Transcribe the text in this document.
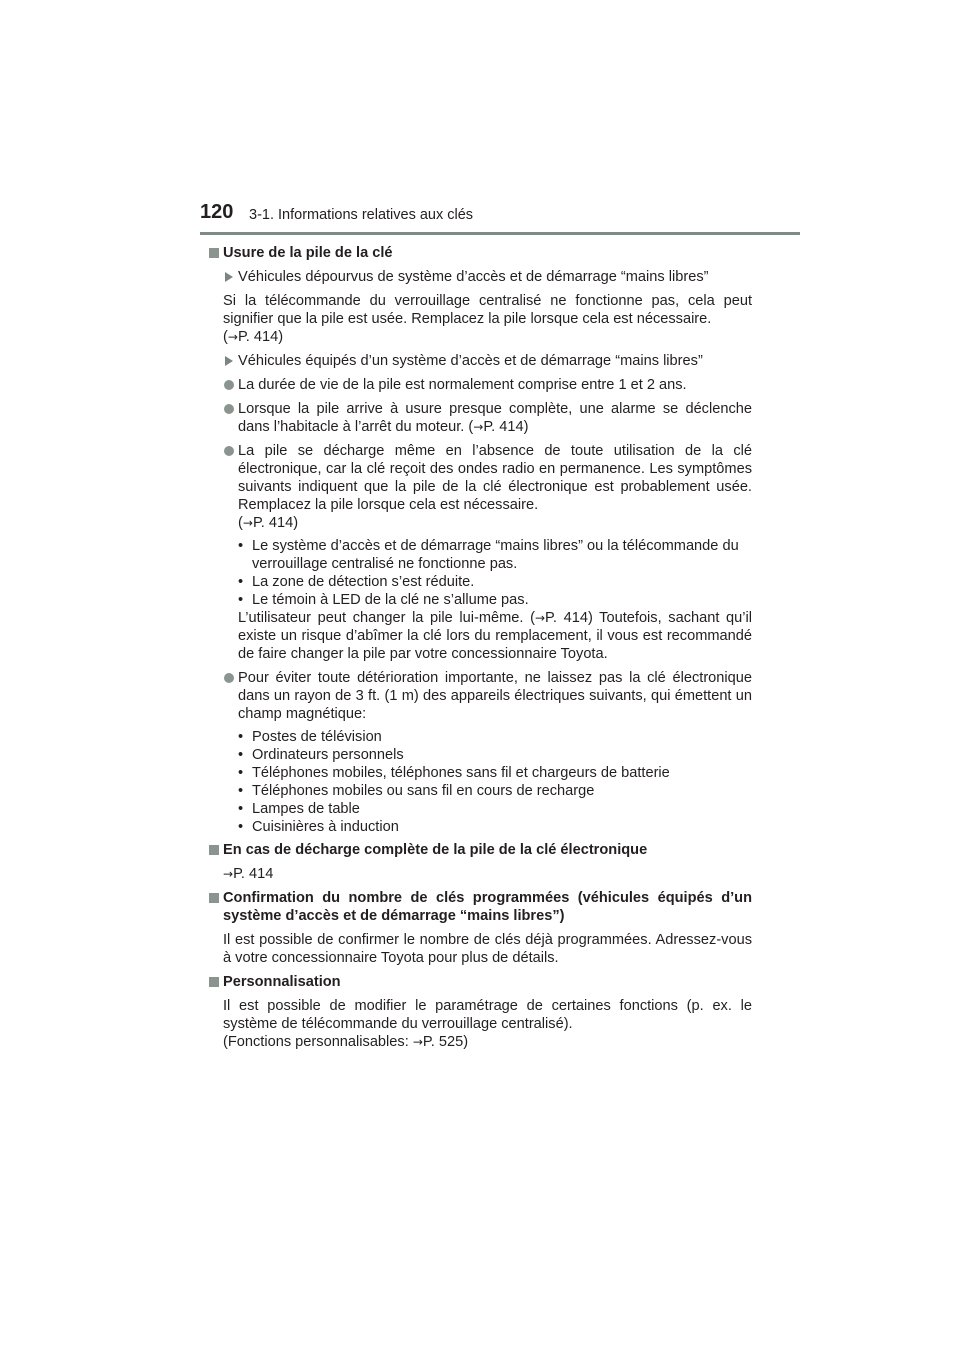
120 3-1. Informations relatives aux clés
Usure de la pile de la clé
Véhicules dépourvus de système d’accès et de démarrage “mains libres”
Si la télécommande du verrouillage centralisé ne fonctionne pas, cela peut signifier que la pile est usée. Remplacez la pile lorsque cela est nécessaire.
(→P. 414)
Véhicules équipés d’un système d’accès et de démarrage “mains libres”
La durée de vie de la pile est normalement comprise entre 1 et 2 ans.
Lorsque la pile arrive à usure presque complète, une alarme se déclenche dans l’habitacle à l’arrêt du moteur. (→P. 414)
La pile se décharge même en l’absence de toute utilisation de la clé électronique, car la clé reçoit des ondes radio en permanence. Les symptômes suivants indiquent que la pile de la clé électronique est probablement usée. Remplacez la pile lorsque cela est nécessaire.
(→P. 414)
• Le système d’accès et de démarrage “mains libres” ou la télécommande du verrouillage centralisé ne fonctionne pas.
• La zone de détection s’est réduite.
• Le témoin à LED de la clé ne s’allume pas.
L’utilisateur peut changer la pile lui-même. (→P. 414) Toutefois, sachant qu’il existe un risque d’abîmer la clé lors du remplacement, il vous est recommandé de faire changer la pile par votre concessionnaire Toyota.
Pour éviter toute détérioration importante, ne laissez pas la clé électronique dans un rayon de 3 ft. (1 m) des appareils électriques suivants, qui émettent un champ magnétique:
• Postes de télévision
• Ordinateurs personnels
• Téléphones mobiles, téléphones sans fil et chargeurs de batterie
• Téléphones mobiles ou sans fil en cours de recharge
• Lampes de table
• Cuisinières à induction
En cas de décharge complète de la pile de la clé électronique
→P. 414
Confirmation du nombre de clés programmées (véhicules équipés d’un système d’accès et de démarrage “mains libres”)
Il est possible de confirmer le nombre de clés déjà programmées. Adressez-vous à votre concessionnaire Toyota pour plus de détails.
Personnalisation
Il est possible de modifier le paramétrage de certaines fonctions (p. ex. le système de télécommande du verrouillage centralisé).
(Fonctions personnalisables: →P. 525)
